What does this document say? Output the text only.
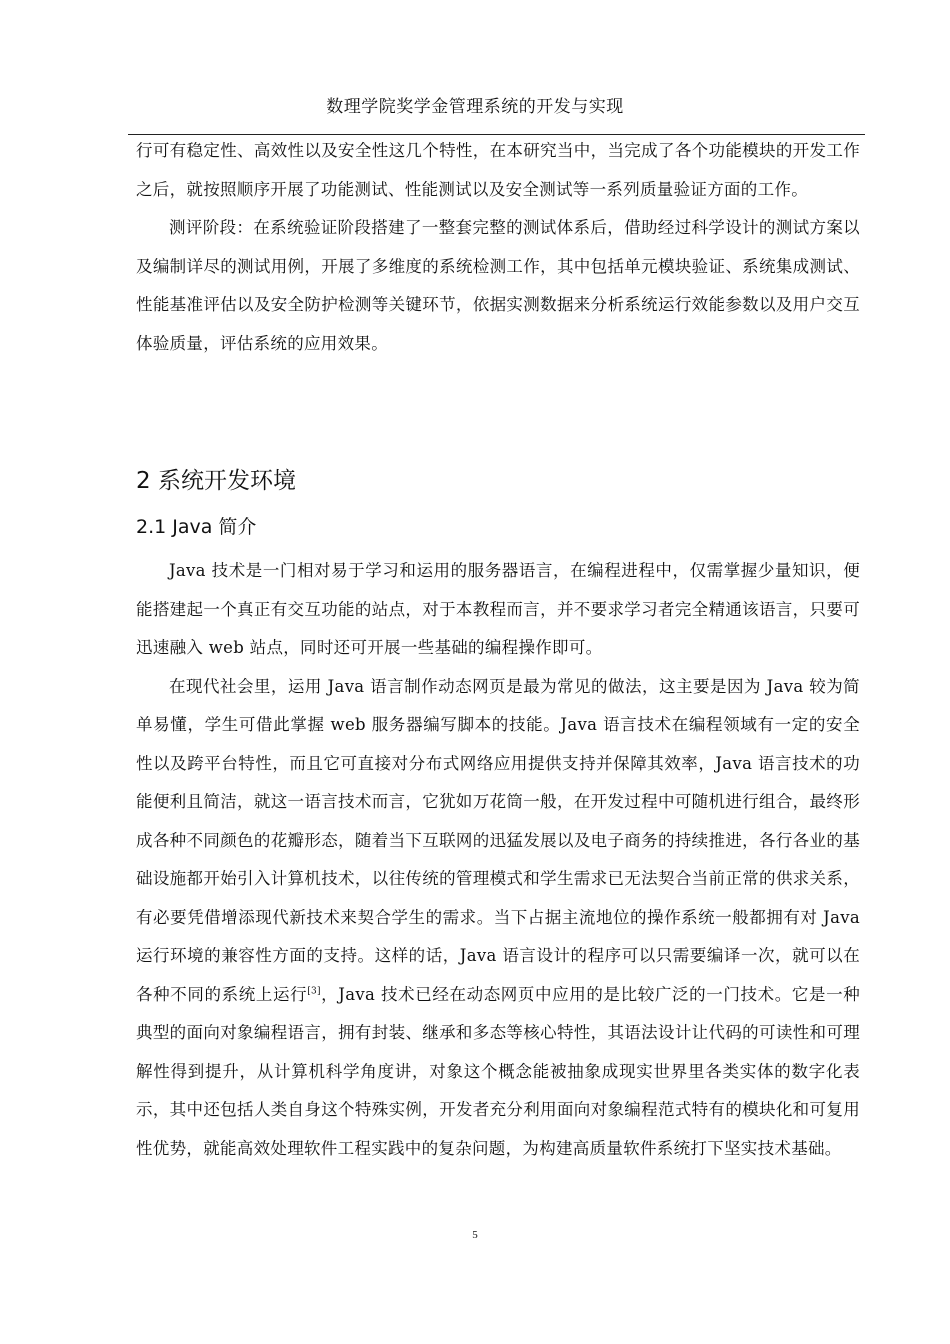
数理学院奖学金管理系统的开发与实现

行可有稳定性、高效性以及安全性这几个特性，在本研究当中，当完成了各个功能模块的开发工作之后，就按照顺序开展了功能测试、性能测试以及安全测试等一系列质量验证方面的工作。

测评阶段：在系统验证阶段搭建了一整套完整的测试体系后，借助经过科学设计的测试方案以及编制详尽的测试用例，开展了多维度的系统检测工作，其中包括单元模块验证、系统集成测试、性能基准评估以及安全防护检测等关键环节，依据实测数据来分析系统运行效能参数以及用户交互体验质量，评估系统的应用效果。

2 系统开发环境
2.1 Java 简介

Java 技术是一门相对易于学习和运用的服务器语言，在编程进程中，仅需掌握少量知识，便能搭建起一个真正有交互功能的站点，对于本教程而言，并不要求学习者完全精通该语言，只要可迅速融入 web 站点，同时还可开展一些基础的编程操作即可。

在现代社会里，运用 Java 语言制作动态网页是最为常见的做法，这主要是因为 Java 较为简单易懂，学生可借此掌握 web 服务器编写脚本的技能。Java 语言技术在编程领域有一定的安全性以及跨平台特性，而且它可直接对分布式网络应用提供支持并保障其效率，Java 语言技术的功能便利且简洁，就这一语言技术而言，它犹如万花筒一般，在开发过程中可随机进行组合，最终形成各种不同颜色的花瓣形态，随着当下互联网的迅猛发展以及电子商务的持续推进，各行各业的基础设施都开始引入计算机技术，以往传统的管理模式和学生需求已无法契合当前正常的供求关系，有必要凭借增添现代新技术来契合学生的需求。当下占据主流地位的操作系统一般都拥有对 Java 运行环境的兼容性方面的支持。这样的话，Java 语言设计的程序可以只需要编译一次，就可以在各种不同的系统上运行[3]，Java 技术已经在动态网页中应用的是比较广泛的一门技术。它是一种典型的面向对象编程语言，拥有封装、继承和多态等核心特性，其语法设计让代码的可读性和可理解性得到提升，从计算机科学角度讲，对象这个概念能被抽象成现实世界里各类实体的数字化表示，其中还包括人类自身这个特殊实例，开发者充分利用面向对象编程范式特有的模块化和可复用性优势，就能高效处理软件工程实践中的复杂问题，为构建高质量软件系统打下坚实技术基础。

5
